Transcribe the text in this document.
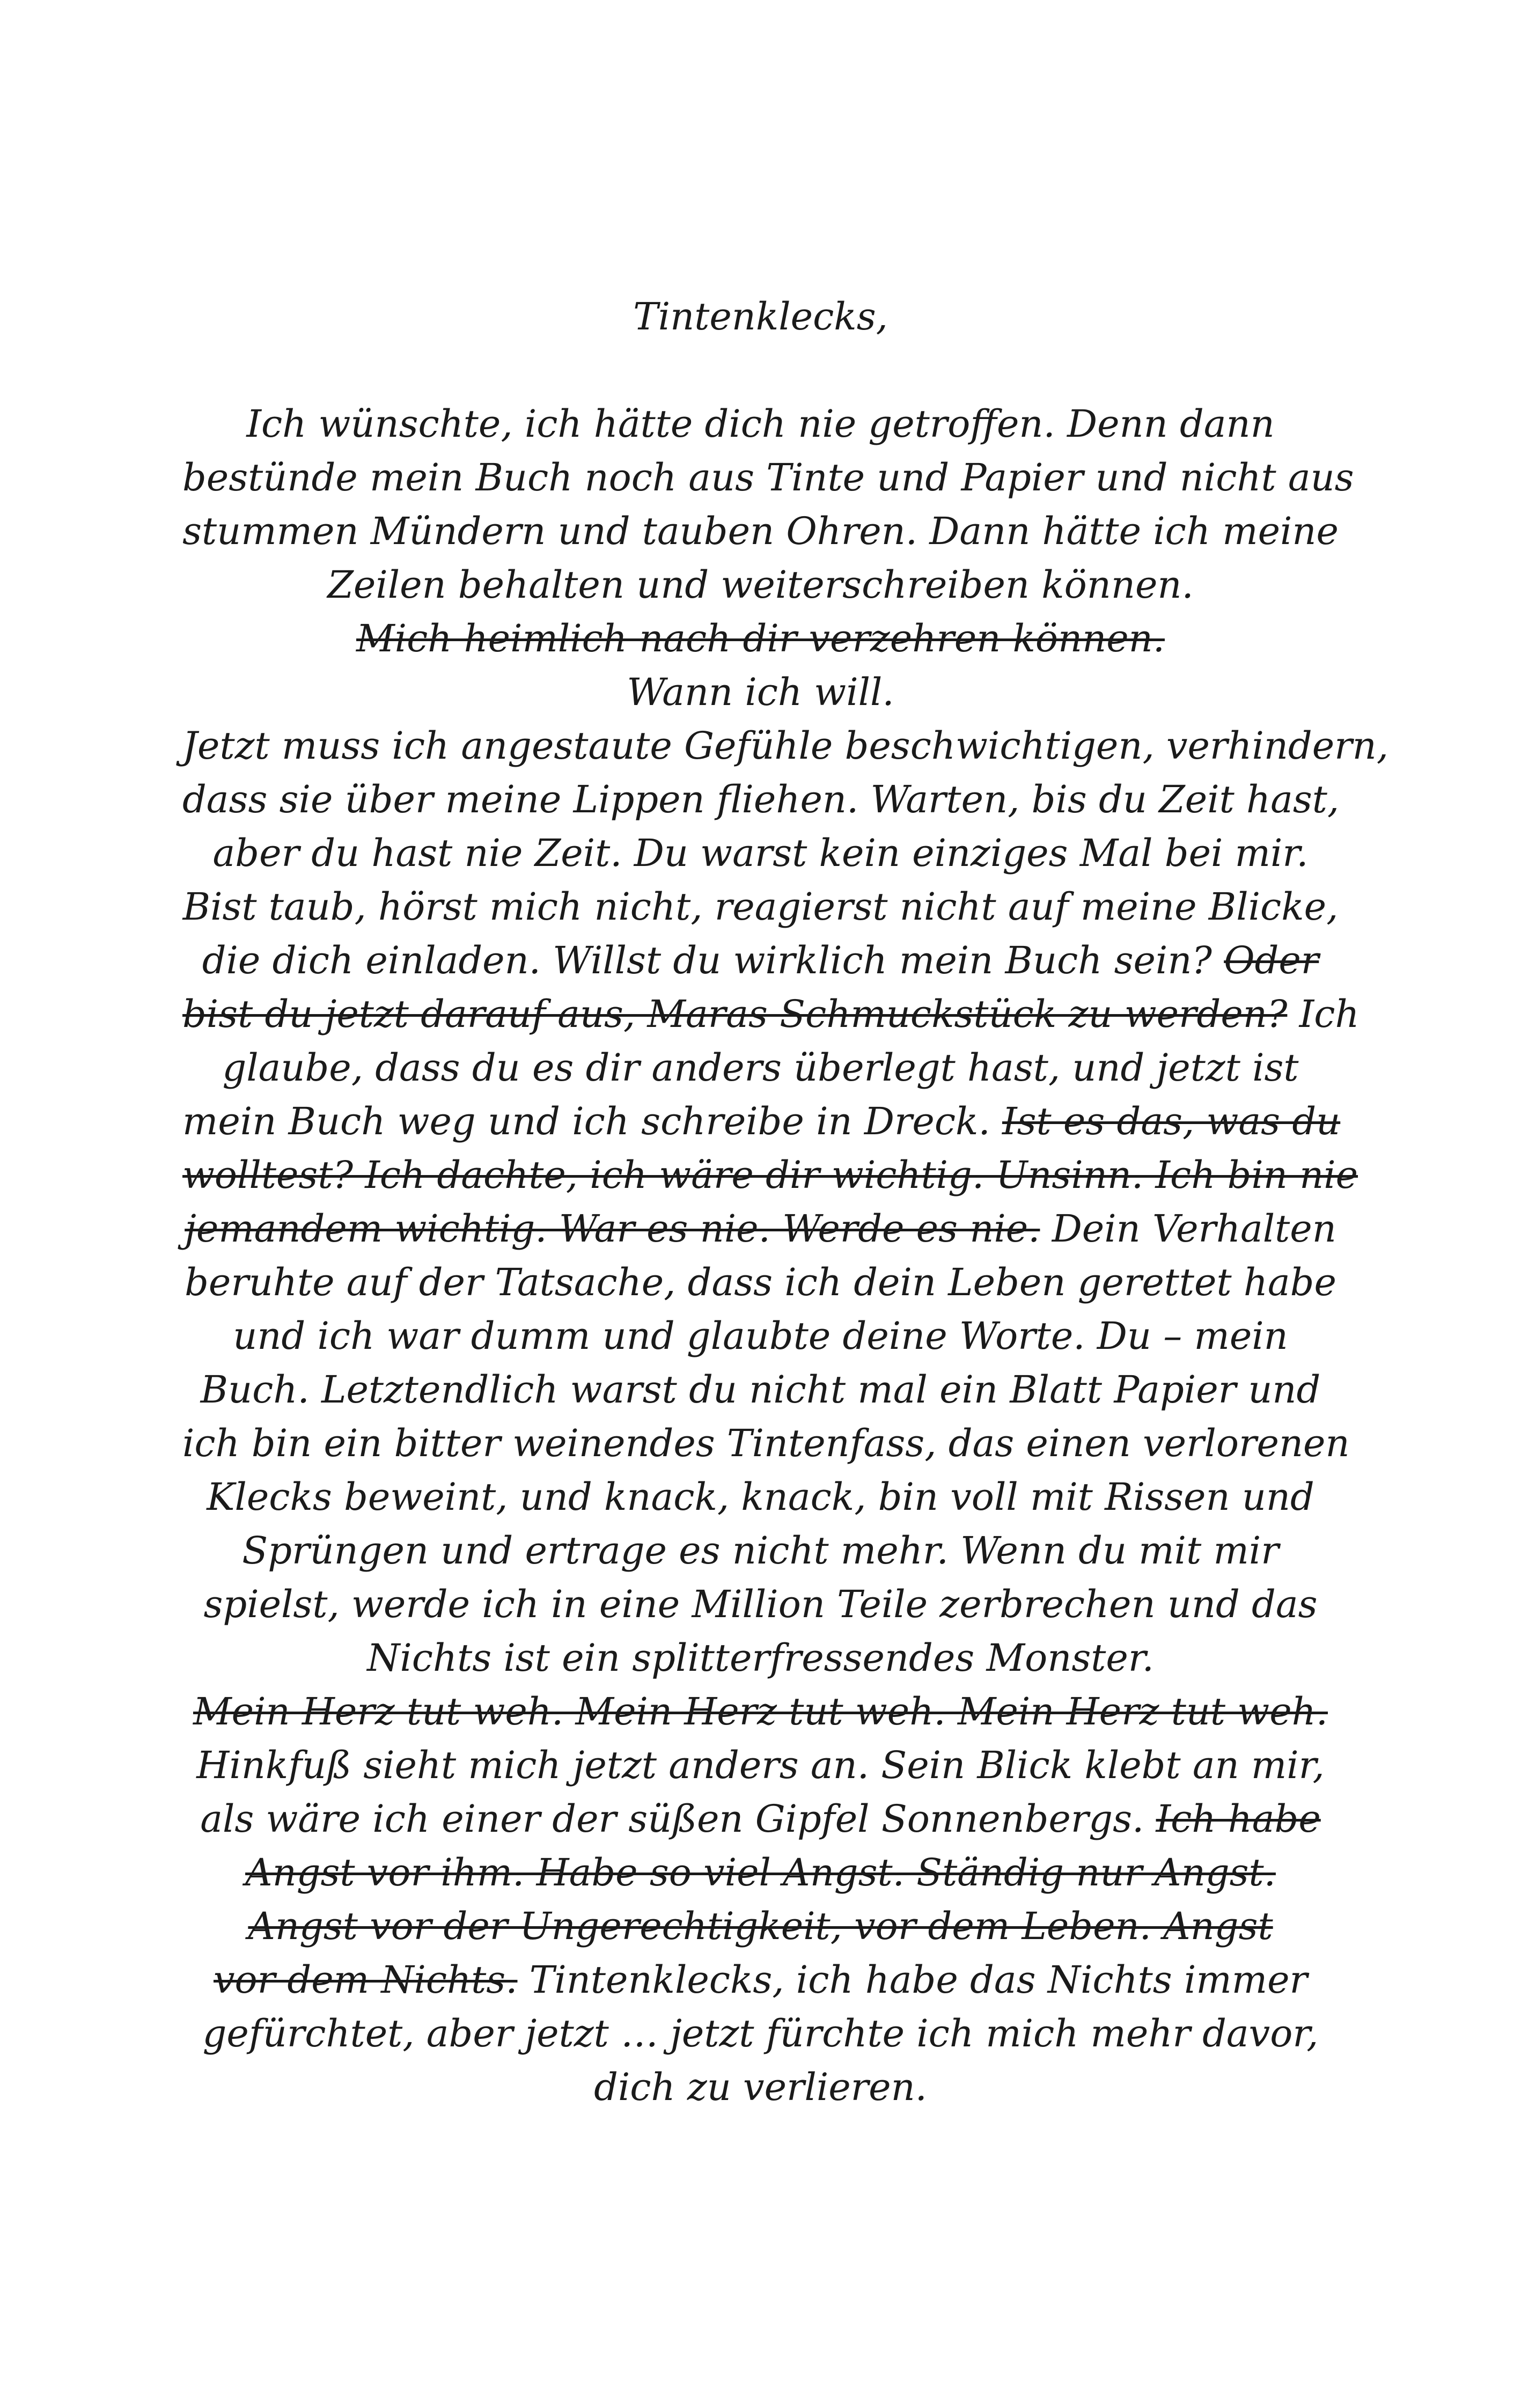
Tintenklecks,
Ich wünschte, ich hätte dich nie getroffen. Denn dann
bestünde mein Buch noch aus Tinte und Papier und nicht aus
stummen Mündern und tauben Ohren. Dann hätte ich meine
Zeilen behalten und weiterschreiben können.
Mich heimlich nach dir verzehren können.
Wann ich will.
Jetzt muss ich angestaute Gefühle beschwichtigen, verhindern,
dass sie über meine Lippen fliehen. Warten, bis du Zeit hast,
aber du hast nie Zeit. Du warst kein einziges Mal bei mir.
Bist taub, hörst mich nicht, reagierst nicht auf meine Blicke,
die dich einladen. Willst du wirklich mein Buch sein? Oder
bist du jetzt darauf aus, Maras Schmuckstück zu werden? Ich
glaube, dass du es dir anders überlegt hast, und jetzt ist
mein Buch weg und ich schreibe in Dreck. Ist es das, was du
wolltest? Ich dachte, ich wäre dir wichtig. Unsinn. Ich bin nie
jemandem wichtig. War es nie. Werde es nie. Dein Verhalten
beruhte auf der Tatsache, dass ich dein Leben gerettet habe
und ich war dumm und glaubte deine Worte. Du – mein
Buch. Letztendlich warst du nicht mal ein Blatt Papier und
ich bin ein bitter weinendes Tintenfass, das einen verlorenen
Klecks beweint, und knack, knack, bin voll mit Rissen und
Sprüngen und ertrage es nicht mehr. Wenn du mit mir
spielst, werde ich in eine Million Teile zerbrechen und das
Nichts ist ein splitterfressendes Monster.
Mein Herz tut weh. Mein Herz tut weh. Mein Herz tut weh.
Hinkfuß sieht mich jetzt anders an. Sein Blick klebt an mir,
als wäre ich einer der süßen Gipfel Sonnenbergs. Ich habe
Angst vor ihm. Habe so viel Angst. Ständig nur Angst.
Angst vor der Ungerechtigkeit, vor dem Leben. Angst
vor dem Nichts. Tintenklecks, ich habe das Nichts immer
gefürchtet, aber jetzt … jetzt fürchte ich mich mehr davor,
dich zu verlieren.
